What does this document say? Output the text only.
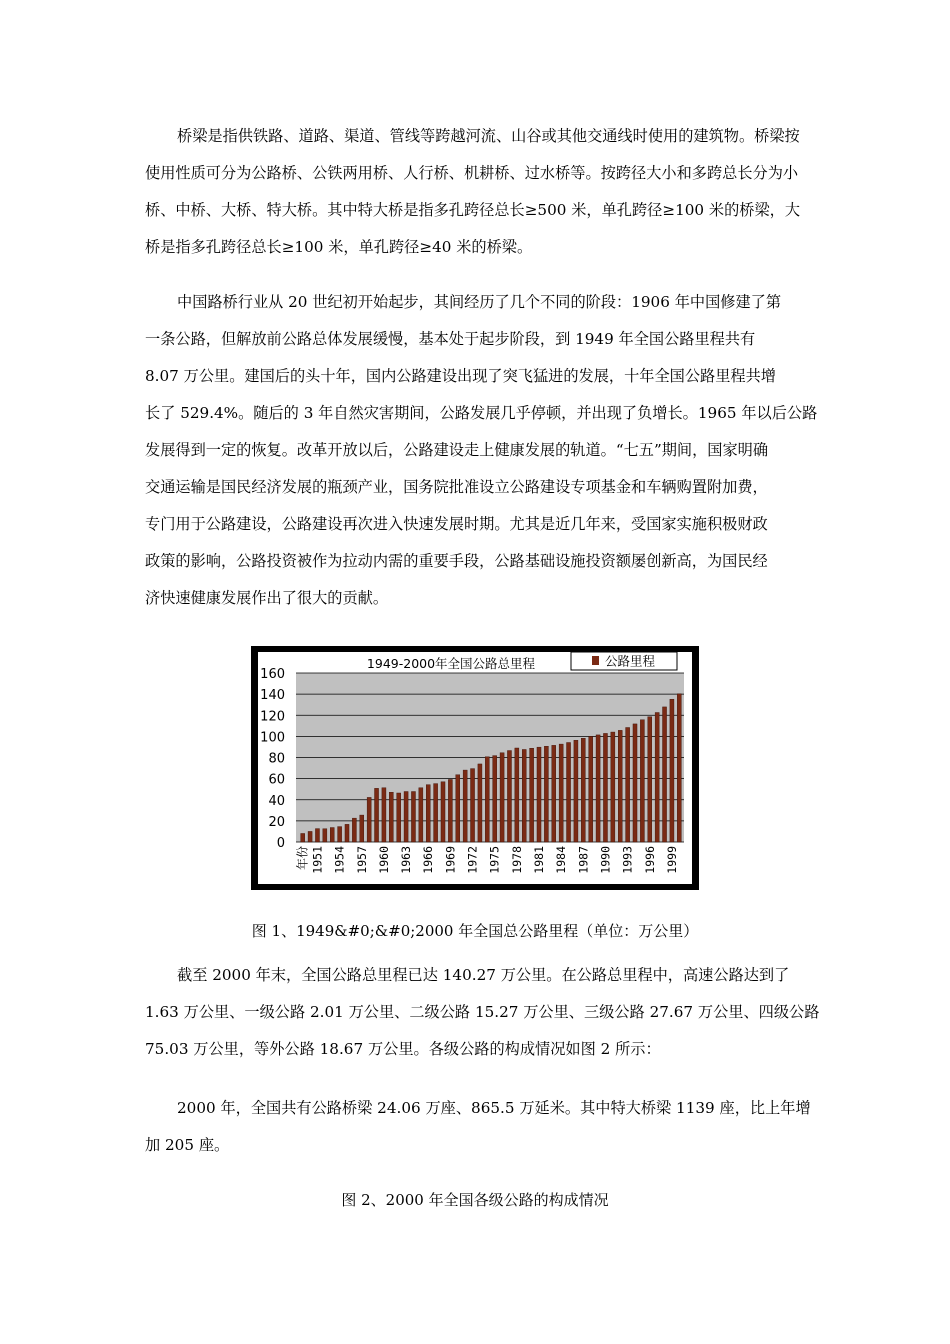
桥梁是指供铁路、道路、渠道、管线等跨越河流、山谷或其他交通线时使用的建筑物。桥梁按
使用性质可分为公路桥、公铁两用桥、人行桥、机耕桥、过水桥等。按跨径大小和多跨总长分为小
桥、中桥、大桥、特大桥。其中特大桥是指多孔跨径总长≥500 米，单孔跨径≥100 米的桥梁，大
桥是指多孔跨径总长≥100 米，单孔跨径≥40 米的桥梁。

中国路桥行业从 20 世纪初开始起步，其间经历了几个不同的阶段：1906 年中国修建了第
一条公路，但解放前公路总体发展缓慢，基本处于起步阶段，到 1949 年全国公路里程共有
8.07 万公里。建国后的头十年，国内公路建设出现了突飞猛进的发展，十年全国公路里程共增
长了 529.4%。随后的 3 年自然灾害期间，公路发展几乎停顿，并出现了负增长。1965 年以后公路
发展得到一定的恢复。改革开放以后，公路建设走上健康发展的轨道。“七五”期间，国家明确
交通运输是国民经济发展的瓶颈产业，国务院批准设立公路建设专项基金和车辆购置附加费，
专门用于公路建设，公路建设再次进入快速发展时期。尤其是近几年来，受国家实施积极财政
政策的影响，公路投资被作为拉动内需的重要手段，公路基础设施投资额屡创新高，为国民经
济快速健康发展作出了很大的贡献。

0
20
40
60
80
100
120
140
160
年份 1951 1954 1957 1960 1963 1966 1969 1972 1975 1978 1981 1984 1987 1990 1993 1996 1999
1949-2000年全国公路总里程	公路里程

图 1、1949&#0;&#0;2000 年全国总公路里程（单位：万公里）

截至 2000 年末，全国公路总里程已达 140.27 万公里。在公路总里程中，高速公路达到了
1.63 万公里、一级公路 2.01 万公里、二级公路 15.27 万公里、三级公路 27.67 万公里、四级公路
75.03 万公里，等外公路 18.67 万公里。各级公路的构成情况如图 2 所示：

2000 年，全国共有公路桥梁 24.06 万座、865.5 万延米。其中特大桥梁 1139 座，比上年增
加 205 座。

图 2、2000 年全国各级公路的构成情况
